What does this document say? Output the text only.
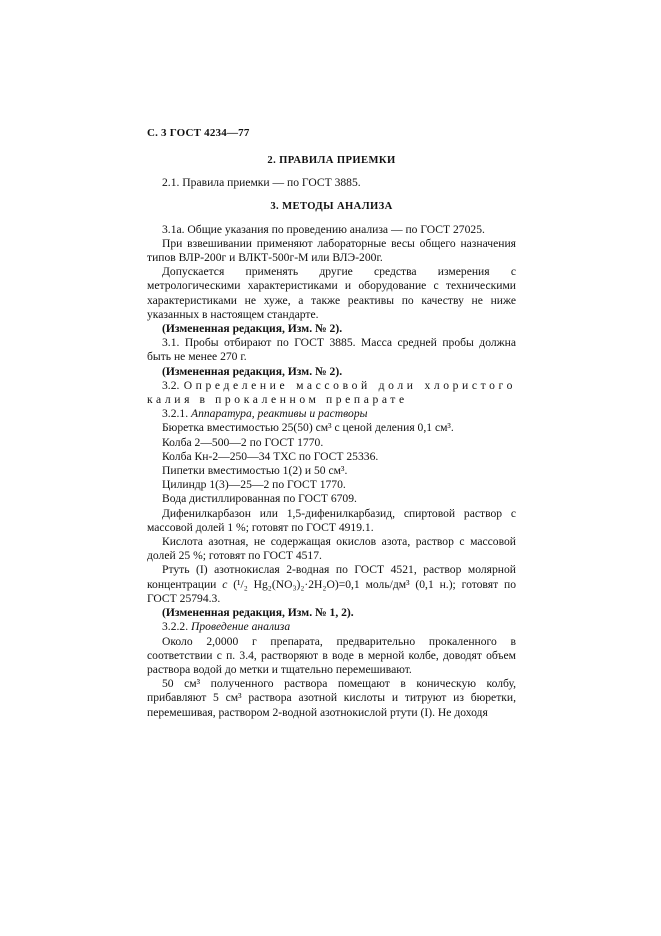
С. 3 ГОСТ 4234—77
2. ПРАВИЛА ПРИЕМКИ

2.1. Правила приемки — по ГОСТ 3885.

3. МЕТОДЫ АНАЛИЗА

3.1а. Общие указания по проведению анализа — по ГОСТ 27025.

При взвешивании применяют лабораторные весы общего назначения типов ВЛР-200г и ВЛКТ-500г-М или ВЛЭ-200г.

Допускается применять другие средства измерения с метрологическими характеристиками и оборудование с техническими характеристиками не хуже, а также реактивы по качеству не ниже указанных в настоящем стандарте.

(Измененная редакция, Изм. № 2).

3.1. Пробы отбирают по ГОСТ 3885. Масса средней пробы должна быть не менее 270 г.

(Измененная редакция, Изм. № 2).

3.2. Определение массовой доли хлористого калия в прокаленном препарате

3.2.1. Аппаратура, реактивы и растворы

Бюретка вместимостью 25(50) см³ с ценой деления 0,1 см³.

Колба 2—500—2 по ГОСТ 1770.

Колба Кн-2—250—34 ТХС по ГОСТ 25336.

Пипетки вместимостью 1(2) и 50 см³.

Цилиндр 1(3)—25—2 по ГОСТ 1770.

Вода дистиллированная по ГОСТ 6709.

Дифенилкарбазон или 1,5-дифенилкарбазид, спиртовой раствор с массовой долей 1 %; готовят по ГОСТ 4919.1.

Кислота азотная, не содержащая окислов азота, раствор с массовой долей 25 %; готовят по ГОСТ 4517.

Ртуть (I) азотнокислая 2-водная по ГОСТ 4521, раствор молярной концентрации c (¹/₂ Hg₂(NO₃)₂·2H₂O)=0,1 моль/дм³ (0,1 н.); готовят по ГОСТ 25794.3.

(Измененная редакция, Изм. № 1, 2).

3.2.2. Проведение анализа

Около 2,0000 г препарата, предварительно прокаленного в соответствии с п. 3.4, растворяют в воде в мерной колбе, доводят объем раствора водой до метки и тщательно перемешивают.

50 см³ полученного раствора помещают в коническую колбу, прибавляют 5 см³ раствора азотной кислоты и титруют из бюретки, перемешивая, раствором 2-водной азотнокислой ртути (I). Не доходя
